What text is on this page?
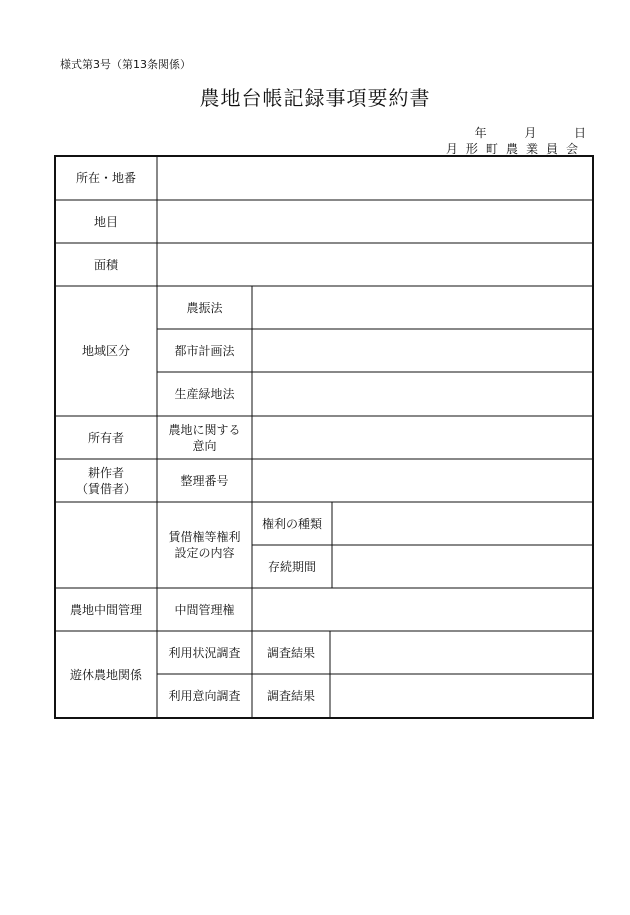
様式第3号（第13条関係）
農地台帳記録事項要約書
年	月	日
月 形 町 農 業 員 会
所在・地番
地目
面積
地域区分
所有者
耕作者
（賃借者）
農地中間管理
遊休農地関係
農振法
都市計画法
生産緑地法
農地に関する
意向
整理番号
賃借権等権利
設定の内容
中間管理権
利用状況調査
利用意向調査
権利の種類
存続期間
調査結果
調査結果
